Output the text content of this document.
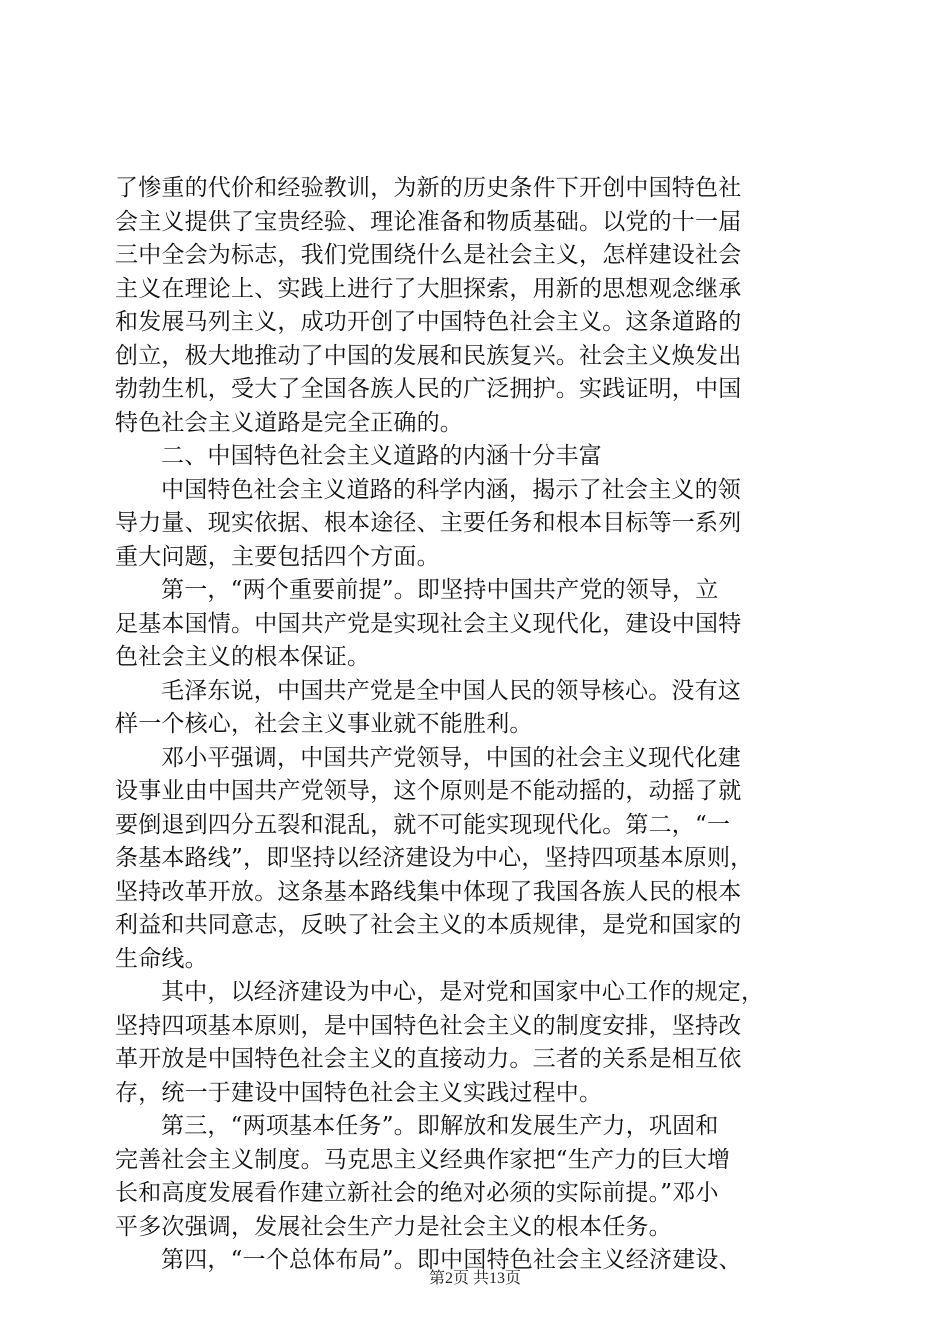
了惨重的代价和经验教训，为新的历史条件下开创中国特色社
会主义提供了宝贵经验、理论准备和物质基础。以党的十一届
三中全会为标志，我们党围绕什么是社会主义，怎样建设社会
主义在理论上、实践上进行了大胆探索，用新的思想观念继承
和发展马列主义，成功开创了中国特色社会主义。这条道路的
创立，极大地推动了中国的发展和民族复兴。社会主义焕发出
勃勃生机，受大了全国各族人民的广泛拥护。实践证明，中国
特色社会主义道路是完全正确的。
二、中国特色社会主义道路的内涵十分丰富
中国特色社会主义道路的科学内涵，揭示了社会主义的领
导力量、现实依据、根本途径、主要任务和根本目标等一系列
重大问题，主要包括四个方面。
第一，“两个重要前提”。即坚持中国共产党的领导，立
足基本国情。中国共产党是实现社会主义现代化，建设中国特
色社会主义的根本保证。
毛泽东说，中国共产党是全中国人民的领导核心。没有这
样一个核心，社会主义事业就不能胜利。
邓小平强调，中国共产党领导，中国的社会主义现代化建
设事业由中国共产党领导，这个原则是不能动摇的，动摇了就
要倒退到四分五裂和混乱，就不可能实现现代化。第二，“一
条基本路线”，即坚持以经济建设为中心，坚持四项基本原则，
坚持改革开放。这条基本路线集中体现了我国各族人民的根本
利益和共同意志，反映了社会主义的本质规律，是党和国家的
生命线。
其中，以经济建设为中心，是对党和国家中心工作的规定，
坚持四项基本原则，是中国特色社会主义的制度安排，坚持改
革开放是中国特色社会主义的直接动力。三者的关系是相互依
存，统一于建设中国特色社会主义实践过程中。
第三，“两项基本任务”。即解放和发展生产力，巩固和
完善社会主义制度。马克思主义经典作家把“生产力的巨大增
长和高度发展看作建立新社会的绝对必须的实际前提。”邓小
平多次强调，发展社会生产力是社会主义的根本任务。
第四，“一个总体布局”。即中国特色社会主义经济建设、
第2页 共13页
